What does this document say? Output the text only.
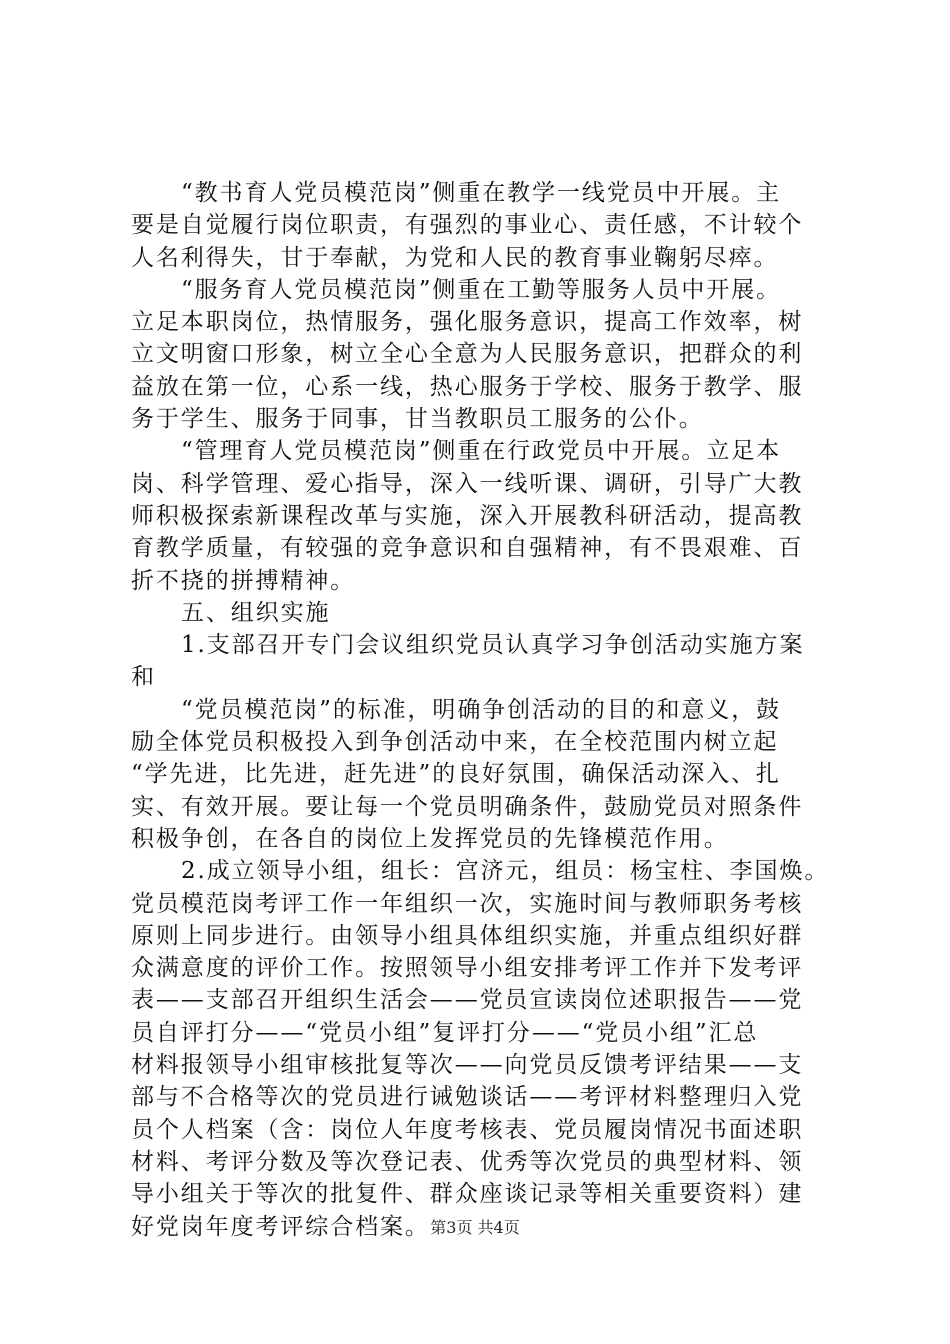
“教书育人党员模范岗”侧重在教学一线党员中开展。主
要是自觉履行岗位职责，有强烈的事业心、责任感，不计较个
人名利得失，甘于奉献，为党和人民的教育事业鞠躬尽瘁。
“服务育人党员模范岗”侧重在工勤等服务人员中开展。
立足本职岗位，热情服务，强化服务意识，提高工作效率，树
立文明窗口形象，树立全心全意为人民服务意识，把群众的利
益放在第一位，心系一线，热心服务于学校、服务于教学、服
务于学生、服务于同事，甘当教职员工服务的公仆。
“管理育人党员模范岗”侧重在行政党员中开展。立足本
岗、科学管理、爱心指导，深入一线听课、调研，引导广大教
师积极探索新课程改革与实施，深入开展教科研活动，提高教
育教学质量，有较强的竞争意识和自强精神，有不畏艰难、百
折不挠的拼搏精神。
五、组织实施
1.支部召开专门会议组织党员认真学习争创活动实施方案
和
“党员模范岗”的标准，明确争创活动的目的和意义，鼓
励全体党员积极投入到争创活动中来，在全校范围内树立起
“学先进，比先进，赶先进”的良好氛围，确保活动深入、扎
实、有效开展。要让每一个党员明确条件，鼓励党员对照条件
积极争创，在各自的岗位上发挥党员的先锋模范作用。
2.成立领导小组，组长：宫济元，组员：杨宝柱、李国焕。
党员模范岗考评工作一年组织一次，实施时间与教师职务考核
原则上同步进行。由领导小组具体组织实施，并重点组织好群
众满意度的评价工作。按照领导小组安排考评工作并下发考评
表——支部召开组织生活会——党员宣读岗位述职报告——党
员自评打分——“党员小组”复评打分——“党员小组”汇总
材料报领导小组审核批复等次——向党员反馈考评结果——支
部与不合格等次的党员进行诫勉谈话——考评材料整理归入党
员个人档案（含：岗位人年度考核表、党员履岗情况书面述职
材料、考评分数及等次登记表、优秀等次党员的典型材料、领
导小组关于等次的批复件、群众座谈记录等相关重要资料）建
好党岗年度考评综合档案。 第3页 共4页
